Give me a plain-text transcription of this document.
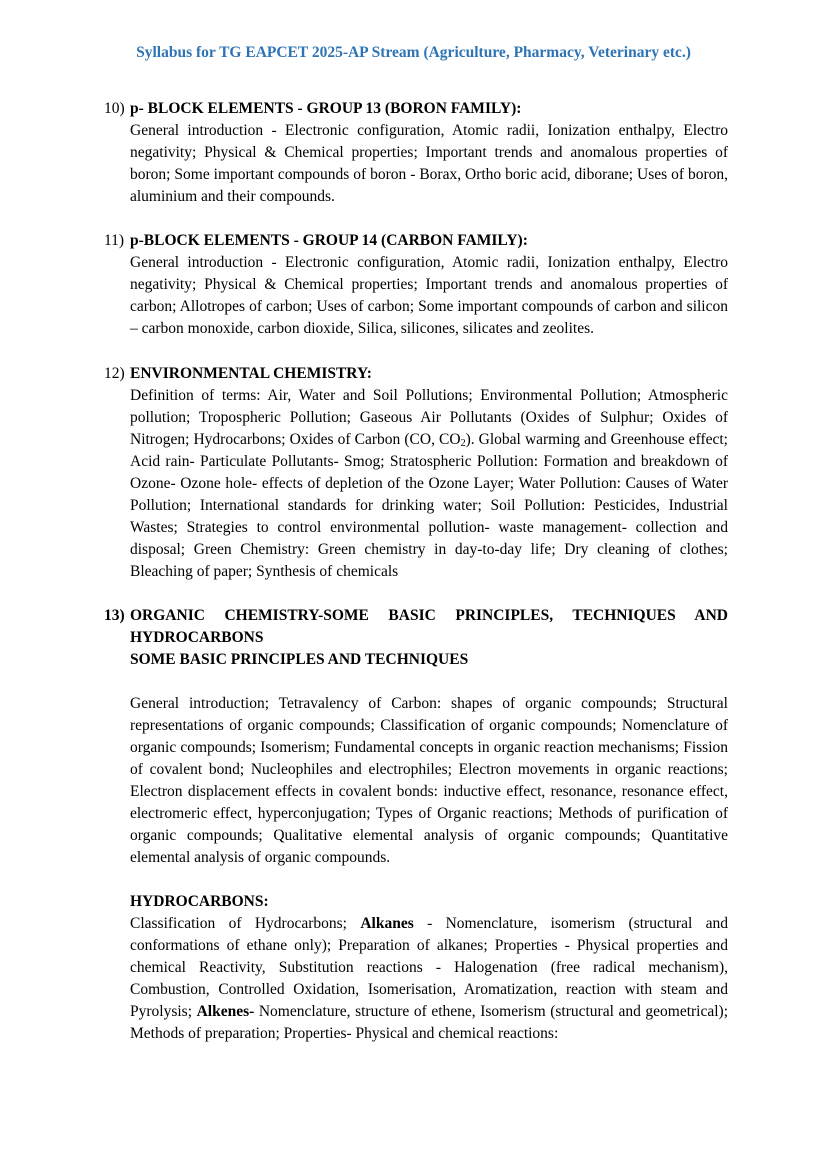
Syllabus for TG EAPCET 2025-AP Stream (Agriculture, Pharmacy, Veterinary etc.)
10) p- BLOCK ELEMENTS - GROUP 13 (BORON FAMILY):
General introduction - Electronic configuration, Atomic radii, Ionization enthalpy, Electro negativity; Physical & Chemical properties; Important trends and anomalous properties of boron; Some important compounds of boron - Borax, Ortho boric acid, diborane; Uses of boron, aluminium and their compounds.
11) p-BLOCK ELEMENTS - GROUP 14 (CARBON FAMILY):
General introduction - Electronic configuration, Atomic radii, Ionization enthalpy, Electro negativity; Physical & Chemical properties; Important trends and anomalous properties of carbon; Allotropes of carbon; Uses of carbon; Some important compounds of carbon and silicon – carbon monoxide, carbon dioxide, Silica, silicones, silicates and zeolites.
12) ENVIRONMENTAL CHEMISTRY:
Definition of terms: Air, Water and Soil Pollutions; Environmental Pollution; Atmospheric pollution; Tropospheric Pollution; Gaseous Air Pollutants (Oxides of Sulphur; Oxides of Nitrogen; Hydrocarbons; Oxides of Carbon (CO, $CO_2$). Global warming and Greenhouse effect; Acid rain- Particulate Pollutants- Smog; Stratospheric Pollution: Formation and breakdown of Ozone- Ozone hole- effects of depletion of the Ozone Layer; Water Pollution: Causes of Water Pollution; International standards for drinking water; Soil Pollution: Pesticides, Industrial Wastes; Strategies to control environmental pollution- waste management- collection and disposal; Green Chemistry: Green chemistry in day-to-day life; Dry cleaning of clothes; Bleaching of paper; Synthesis of chemicals
13) ORGANIC CHEMISTRY-SOME BASIC PRINCIPLES, TECHNIQUES AND HYDROCARBONS
SOME BASIC PRINCIPLES AND TECHNIQUES
General introduction; Tetravalency of Carbon: shapes of organic compounds; Structural representations of organic compounds; Classification of organic compounds; Nomenclature of organic compounds; Isomerism; Fundamental concepts in organic reaction mechanisms; Fission of covalent bond; Nucleophiles and electrophiles; Electron movements in organic reactions; Electron displacement effects in covalent bonds: inductive effect, resonance, resonance effect, electromeric effect, hyperconjugation; Types of Organic reactions; Methods of purification of organic compounds; Qualitative elemental analysis of organic compounds; Quantitative elemental analysis of organic compounds.
HYDROCARBONS:
Classification of Hydrocarbons; Alkanes - Nomenclature, isomerism (structural and conformations of ethane only); Preparation of alkanes; Properties - Physical properties and chemical Reactivity, Substitution reactions - Halogenation (free radical mechanism), Combustion, Controlled Oxidation, Isomerisation, Aromatization, reaction with steam and Pyrolysis; Alkenes- Nomenclature, structure of ethene, Isomerism (structural and geometrical); Methods of preparation; Properties- Physical and chemical reactions:
